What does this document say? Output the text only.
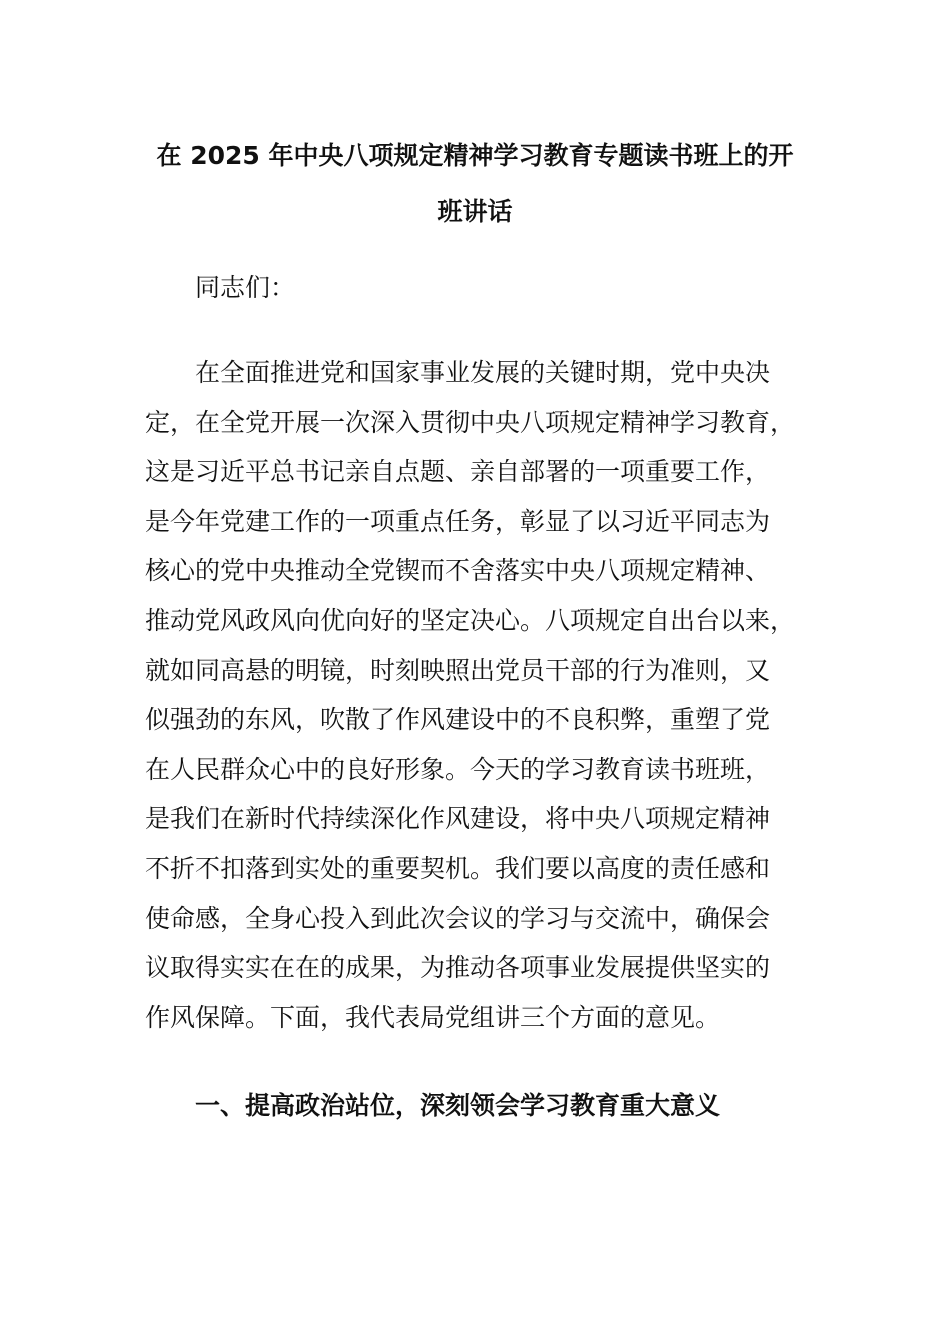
在 2025 年中央八项规定精神学习教育专题读书班上的开
班讲话

同志们：

在全面推进党和国家事业发展的关键时期，党中央决
定，在全党开展一次深入贯彻中央八项规定精神学习教育，
这是习近平总书记亲自点题、亲自部署的一项重要工作，
是今年党建工作的一项重点任务，彰显了以习近平同志为
核心的党中央推动全党锲而不舍落实中央八项规定精神、
推动党风政风向优向好的坚定决心。八项规定自出台以来，
就如同高悬的明镜，时刻映照出党员干部的行为准则，又
似强劲的东风，吹散了作风建设中的不良积弊，重塑了党
在人民群众心中的良好形象。今天的学习教育读书班班，
是我们在新时代持续深化作风建设，将中央八项规定精神
不折不扣落到实处的重要契机。我们要以高度的责任感和
使命感，全身心投入到此次会议的学习与交流中，确保会
议取得实实在在的成果，为推动各项事业发展提供坚实的
作风保障。下面，我代表局党组讲三个方面的意见。
一、提高政治站位，深刻领会学习教育重大意义
